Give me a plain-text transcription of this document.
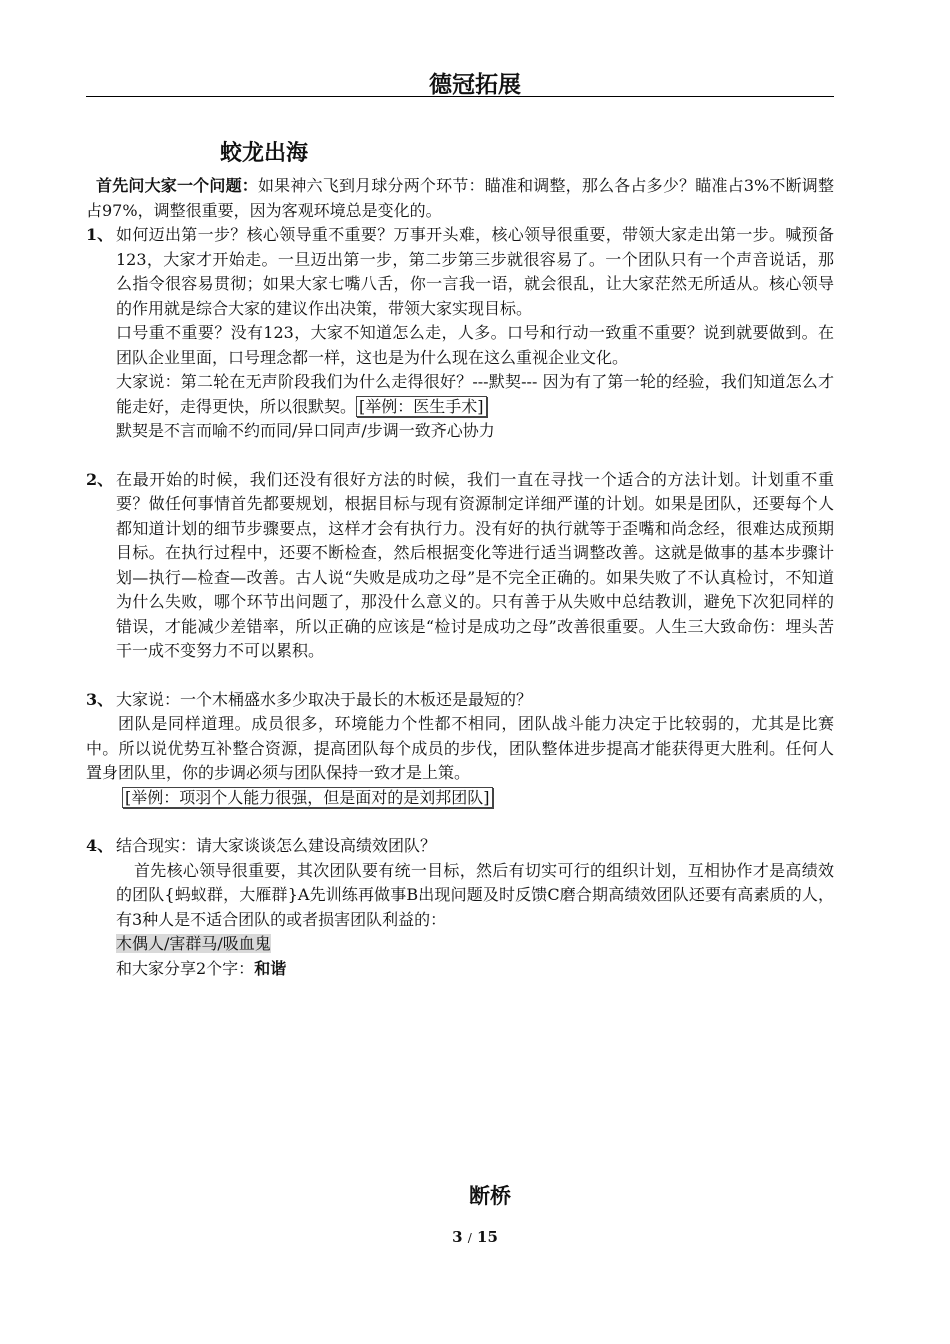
德冠拓展
蛟龙出海

首先问大家一个问题：如果神六飞到月球分两个环节：瞄准和调整，那么各占多少？瞄准占3%不断调整占97%，调整很重要，因为客观环境总是变化的。

1、 如何迈出第一步？核心领导重不重要？万事开头难，核心领导很重要，带领大家走出第一步。喊预备123，大家才开始走。一旦迈出第一步，第二步第三步就很容易了。一个团队只有一个声音说话，那么指令很容易贯彻；如果大家七嘴八舌，你一言我一语，就会很乱，让大家茫然无所适从。核心领导的作用就是综合大家的建议作出决策，带领大家实现目标。

口号重不重要？没有123，大家不知道怎么走，人多。口号和行动一致重不重要？说到就要做到。在团队企业里面，口号理念都一样，这也是为什么现在这么重视企业文化。

大家说：第二轮在无声阶段我们为什么走得很好？---默契--- 因为有了第一轮的经验，我们知道怎么才能走好，走得更快，所以很默契。 [举例：医生手术]

默契是不言而喻不约而同/异口同声/步调一致齐心协力

2、 在最开始的时候，我们还没有很好方法的时候，我们一直在寻找一个适合的方法计划。计划重不重要？做任何事情首先都要规划，根据目标与现有资源制定详细严谨的计划。如果是团队，还要每个人都知道计划的细节步骤要点，这样才会有执行力。没有好的执行就等于歪嘴和尚念经，很难达成预期目标。在执行过程中，还要不断检查，然后根据变化等进行适当调整改善。这就是做事的基本步骤计划—执行—检查—改善。古人说“失败是成功之母”是不完全正确的。如果失败了不认真检讨，不知道为什么失败，哪个环节出问题了，那没什么意义的。只有善于从失败中总结教训，避免下次犯同样的错误，才能减少差错率，所以正确的应该是“检讨是成功之母”改善很重要。人生三大致命伤：埋头苦干一成不变努力不可以累积。

3、 大家说：一个木桶盛水多少取决于最长的木板还是最短的？

团队是同样道理。成员很多，环境能力个性都不相同，团队战斗能力决定于比较弱的，尤其是比赛中。所以说优势互补整合资源，提高团队每个成员的步伐，团队整体进步提高才能获得更大胜利。任何人置身团队里，你的步调必须与团队保持一致才是上策。

[举例：项羽个人能力很强，但是面对的是刘邦团队]

4、 结合现实：请大家谈谈怎么建设高绩效团队？

首先核心领导很重要，其次团队要有统一目标，然后有切实可行的组织计划，互相协作才是高绩效的团队{蚂蚁群，大雁群}A先训练再做事B出现问题及时反馈C磨合期高绩效团队还要有高素质的人，有3种人是不适合团队的或者损害团队利益的：

木偶人/害群马/吸血鬼

和大家分享2个字：和谐

断桥
3 / 15
